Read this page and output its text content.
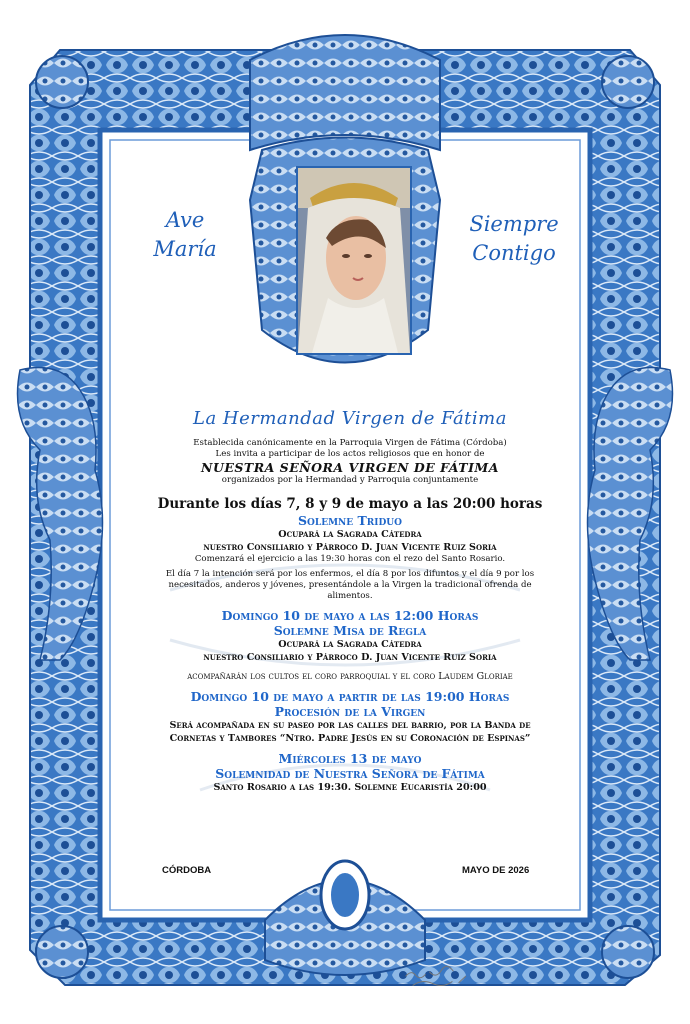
Ave
María
Siempre
Contigo
La Hermandad Virgen de Fátima
Establecida canónicamente en la Parroquia Virgen de Fátima (Córdoba)
Les invita a participar de los actos religiosos que en honor de
NUESTRA SEÑORA VIRGEN DE FÁTIMA
organizados por la Hermandad y Parroquia conjuntamente
Durante los días 7, 8 y 9 de mayo a las 20:00 horas
Solemne Triduo
Ocupará la Sagrada Cátedra
nuestro Consiliario y Párroco D. Juan Vicente Ruiz Soria
Comenzará el ejercicio a las 19:30 horas con el rezo del Santo Rosario.
El día 7 la intención será por los enfermos, el día 8 por los difuntos y el día 9 por los necesitados, anderos y jóvenes, presentándole a la Virgen la tradicional ofrenda de alimentos.
Domingo 10 de mayo a las 12:00 Horas
Solemne Misa de Regla
Ocupará la Sagrada Cátedra
nuestro Consiliario y Párroco D. Juan Vicente Ruiz Soria
acompañarán los cultos el coro parroquial y el coro Laudem Gloriae
Domingo 10 de mayo a partir de las 19:00 Horas
Procesión de la Virgen
Será acompañada en su paseo por las calles del barrio, por la Banda de
Cornetas y Tambores “Ntro. Padre Jesús en su Coronación de Espinas”
Miércoles 13 de mayo
Solemnidad de Nuestra Señora de Fátima
Santo Rosario a las 19:30. Solemne Eucaristía 20:00
CÓRDOBA	MAYO DE 2026
